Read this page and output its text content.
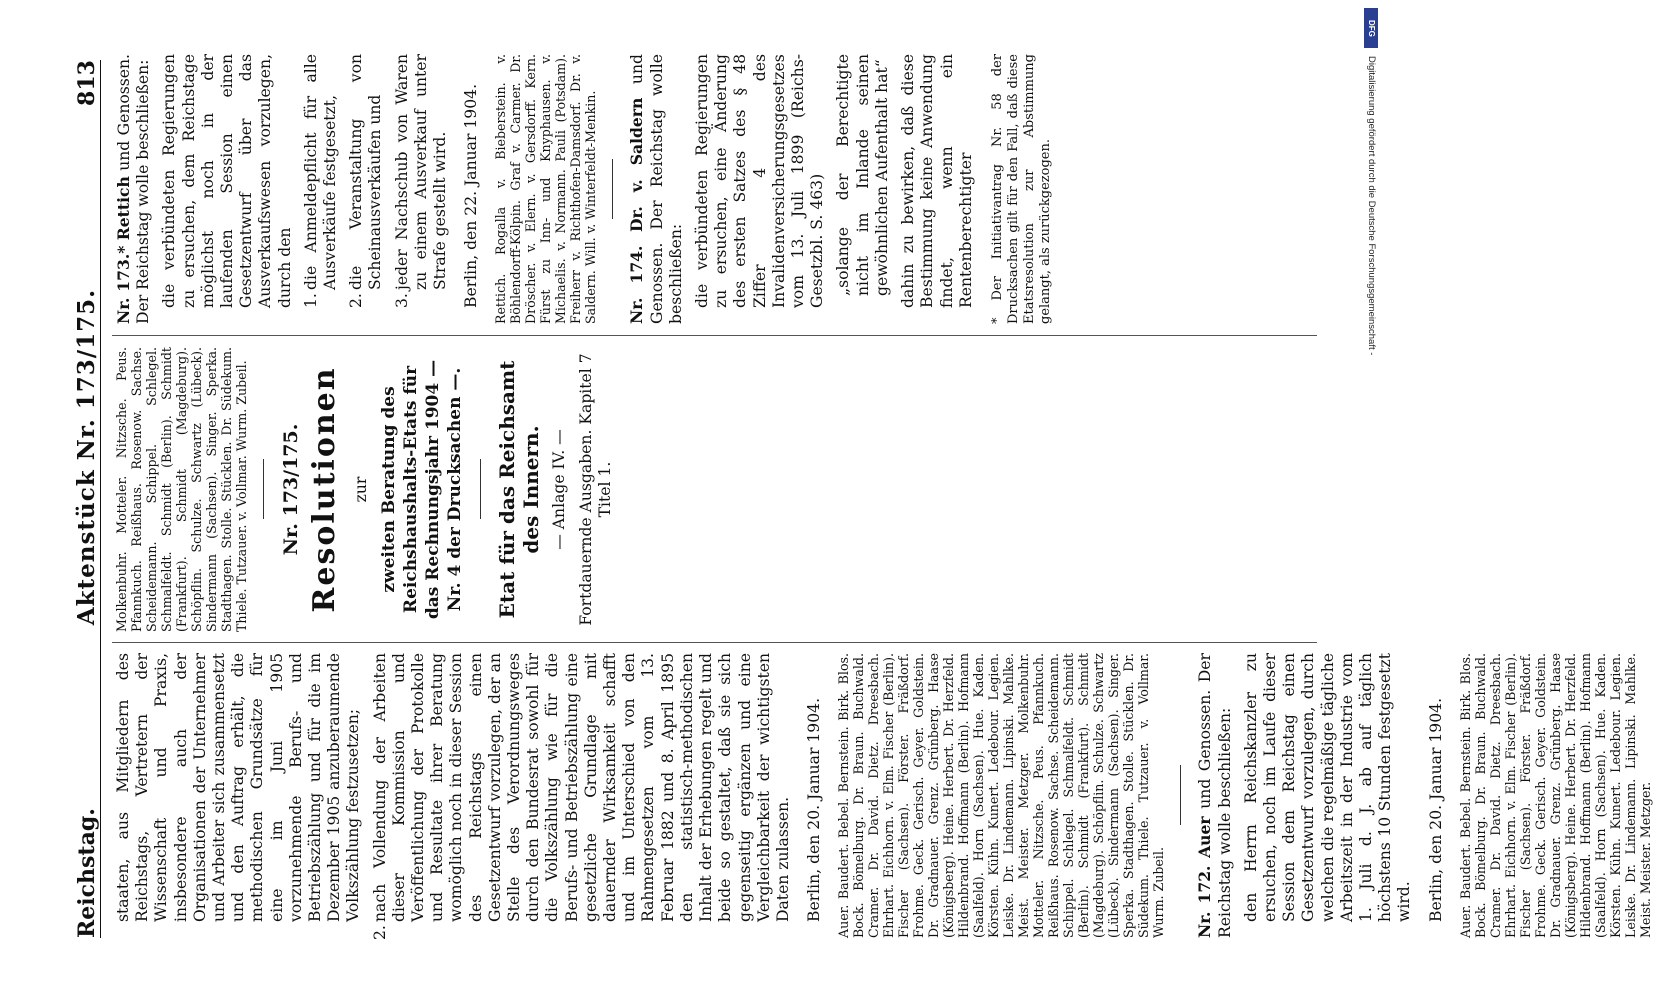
Reichstag.
Aktenstück Nr. 173/175.
813

staaten, aus Mitgliedern des Reichstags, Vertretern der Wissenschaft und Praxis, insbesondere auch der Organisationen der Unternehmer und Arbeiter sich zusammensetzt und den Auftrag erhält, die methodischen Grundsätze für eine im Juni 1905 vorzunehmende Berufs- und Betriebszählung und für die im Dezember 1905 anzuberaumende Volkszählung festzusetzen;

2.nach Vollendung der Arbeiten dieser Kommission und Veröffentlichung der Protokolle und Resultate ihrer Beratung womöglich noch in dieser Session des Reichstags einen Gesetzentwurf vorzulegen, der an Stelle des Verordnungsweges durch den Bundesrat sowohl für die Volkszählung wie für die Berufs- und Betriebszählung eine gesetzliche Grundlage mit dauernder Wirksamkeit schafft und im Unterschied von den Rahmengesetzen vom 13. Februar 1882 und 8. April 1895 den statistisch-methodischen Inhalt der Erhebungen regelt und beide so gestaltet, daß sie sich gegenseitig ergänzen und eine Vergleichbarkeit der wichtigsten Daten zulassen. Berlin, den 20. Januar 1904. Auer. Baudert. Bebel. Bernstein. Birk. Blos. Bock. Bömelburg. Dr. Braun. Buchwald. Cramer. Dr. David. Dietz. Dreesbach. Ehrhart. Eichhorn. v. Elm. Fischer (Berlin). Fischer (Sachsen). Förster. Fräßdorf. Frohme. Geck. Gerisch. Geyer. Goldstein. Dr. Gradnauer. Grenz. Grünberg. Haase (Königsberg). Heine. Herbert. Dr. Herzfeld. Hildenbrand. Hoffmann (Berlin). Hofmann (Saalfeld). Horn (Sachsen). Hue. Kaden. Körsten. Kühn. Kunert. Ledebour. Legien. Leiske. Dr. Lindemann. Lipinski. Mahlke. Meist. Meister. Metzger. Molkenbuhr. Motteler. Nitzsche. Peus. Pfannkuch. Reißhaus. Rosenow. Sachse. Scheidemann. Schippel. Schlegel. Schmalfeldt. Schmidt (Berlin). Schmidt (Frankfurt). Schmidt (Magdeburg). Schöpflin. Schulze. Schwartz (Lübeck). Sindermann (Sachsen). Singer. Sperka. Stadthagen. Stolle. Stücklen. Dr. Südekum. Thiele. Tutzauer. v. Vollmar. Wurm. Zubeil. Nr. 172. Auer und Genossen. Der Reichstag wolle beschließen: den Herrn Reichskanzler zu ersuchen, noch im Laufe dieser Session dem Reichstag einen Gesetzentwurf vorzulegen, durch welchen die regelmäßige tägliche Arbeitszeit in der Industrie vom 1. Juli d. J. ab auf täglich höchstens 10 Stunden festgesetzt wird. Berlin, den 20. Januar 1904. Auer. Baudert. Bebel. Bernstein. Birk. Blos. Bock. Bömelburg. Dr. Braun. Buchwald. Cramer. Dr. David. Dietz. Dreesbach. Ehrhart. Eichhorn. v. Elm. Fischer (Berlin). Fischer (Sachsen). Förster. Fräßdorf. Frohme. Geck. Gerisch. Geyer. Goldstein. Dr. Gradnauer. Grenz. Grünberg. Haase (Königsberg). Heine. Herbert. Dr. Herzfeld. Hildenbrand. Hoffmann (Berlin). Hofmann (Saalfeld). Horn (Sachsen). Hue. Kaden. Körsten. Kühn. Kunert. Ledebour. Legien. Leiske. Dr. Lindemann. Lipinski. Mahlke. Meist. Meister. Metzger.

Molkenbuhr. Motteler. Nitzsche. Peus. Pfannkuch. Reißhaus. Rosenow. Sachse. Scheidemann. Schippel. Schlegel. Schmalfeldt. Schmidt (Berlin). Schmidt (Frankfurt). Schmidt (Magdeburg). Schöpflin. Schulze. Schwartz (Lübeck). Sindermann (Sachsen). Singer. Sperka. Stadthagen. Stolle. Stücklen. Dr. Südekum. Thiele. Tutzauer. v. Vollmar. Wurm. Zubeil. Nr. 173/175. Resolutionen zur zweiten Beratung des Reichshaushalts-Etats für das Rechnungsjahr 1904 — Nr. 4 der Drucksachen —. Etat für das Reichsamt des Innern. — Anlage IV. — Fortdauernde Ausgaben. Kapitel 7 Titel 1.

Nr. 173.* Rettich und Genossen. Der Reichstag wolle beschließen: die verbündeten Regierungen zu ersuchen, dem Reichstage möglichst noch in der laufenden Session einen Gesetzentwurf über das Ausverkaufswesen vorzulegen, durch den 1.die Anmeldepflicht für alle Ausverkäufe festgesetzt,

2.die Veranstaltung von Scheinausverkäufen und

3.jeder Nachschub von Waren zu einem Ausverkauf unter Strafe gestellt wird. Berlin, den 22. Januar 1904. Rettich. Rogalla v. Bieberstein. v. Böhlendorff-Kölpin. Graf v. Carmer. Dr. Dröscher. v. Elern. v. Gersdorff. Kern. Fürst zu Inn- und Knyphausen. v. Michaelis. v. Normann. Pauli (Potsdam). Freiherr v. Richthofen-Damsdorf. Dr. v. Saldern. Will. v. Winterfeldt-Menkin. Nr. 174. Dr. v. Saldern und Genossen. Der Reichstag wolle beschließen: die verbündeten Regierungen zu ersuchen, eine Änderung des ersten Satzes des § 48 Ziffer 4 des Invalidenversicherungsgesetzes vom 13. Juli 1899 (Reichs-Gesetzbl. S. 463) „solange der Berechtigte nicht im Inlande seinen gewöhnlichen Aufenthalt hat“ dahin zu bewirken, daß diese Bestimmung keine Anwendung findet, wenn ein Rentenberechtigter * Der Initiativantrag Nr. 58 der Drucksachen gilt für den Fall, daß diese Etatsresolution zur Abstimmung gelangt, als zurückgezogen.

DFG
Digitalisierung gefördert durch die Deutsche Forschungsgemeinschaft -
